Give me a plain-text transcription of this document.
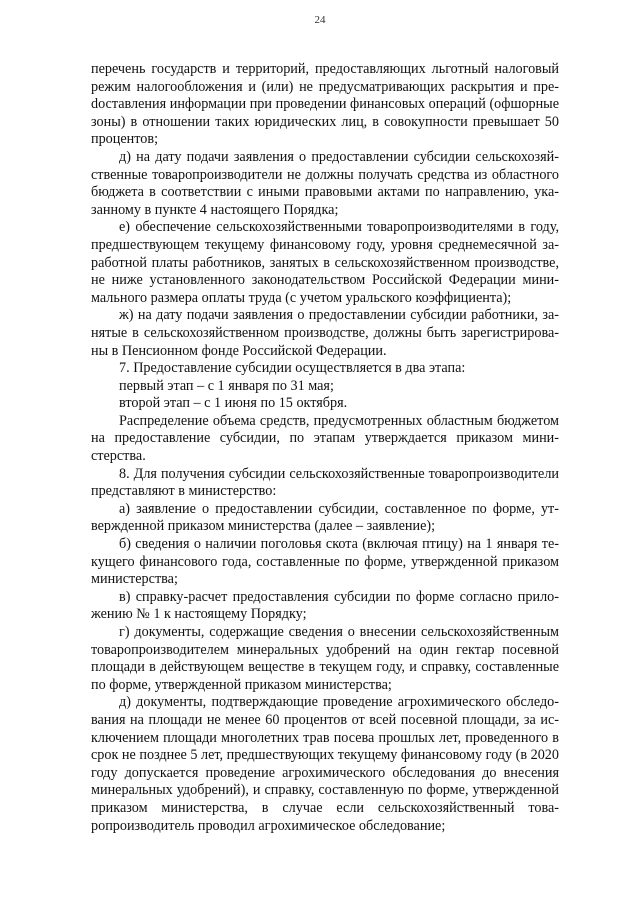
24

перечень государств и территорий, предоставляющих льготный налоговый режим налогообложения и (или) не предусматривающих раскрытия и преdоставления информации при проведении финансовых операций (офшорные зоны) в отношении таких юридических лиц, в совокупности превышает 50 процентов;

д) на дату подачи заявления о предоставлении субсидии сельскохозяйственные товаропроизводители не должны получать средства из областного бюджета в соответствии с иными правовыми актами по направлению, указанному в пункте 4 настоящего Порядка;

е) обеспечение сельскохозяйственными товаропроизводителями в году, предшествующем текущему финансовому году, уровня среднемесячной заработной платы работников, занятых в сельскохозяйственном производстве, не ниже установленного законодательством Российской Федерации минимального размера оплаты труда (с учетом уральского коэффициента);

ж) на дату подачи заявления о предоставлении субсидии работники, занятые в сельскохозяйственном производстве, должны быть зарегистрированы в Пенсионном фонде Российской Федерации.

7. Предоставление субсидии осуществляется в два этапа:

первый этап – с 1 января по 31 мая;

второй этап – с 1 июня по 15 октября.

Распределение объема средств, предусмотренных областным бюджетом на предоставление субсидии, по этапам утверждается приказом министерства.

8. Для получения субсидии сельскохозяйственные товаропроизводители представляют в министерство:

а) заявление о предоставлении субсидии, составленное по форме, утвержденной приказом министерства (далее – заявление);

б) сведения о наличии поголовья скота (включая птицу) на 1 января текущего финансового года, составленные по форме, утвержденной приказом министерства;

в) справку-расчет предоставления субсидии по форме согласно приложению № 1 к настоящему Порядку;

г) документы, содержащие сведения о внесении сельскохозяйственным товаропроизводителем минеральных удобрений на один гектар посевной площади в действующем веществе в текущем году, и справку, составленные по форме, утвержденной приказом министерства;

д) документы, подтверждающие проведение агрохимического обследования на площади не менее 60 процентов от всей посевной площади, за исключением площади многолетних трав посева прошлых лет, проведенного в срок не позднее 5 лет, предшествующих текущему финансовому году (в 2020 году допускается проведение агрохимического обследования до внесения минеральных удобрений), и справку, составленную по форме, утвержденной приказом министерства, в случае если сельскохозяйственный товаропроизводитель проводил агрохимическое обследование;
